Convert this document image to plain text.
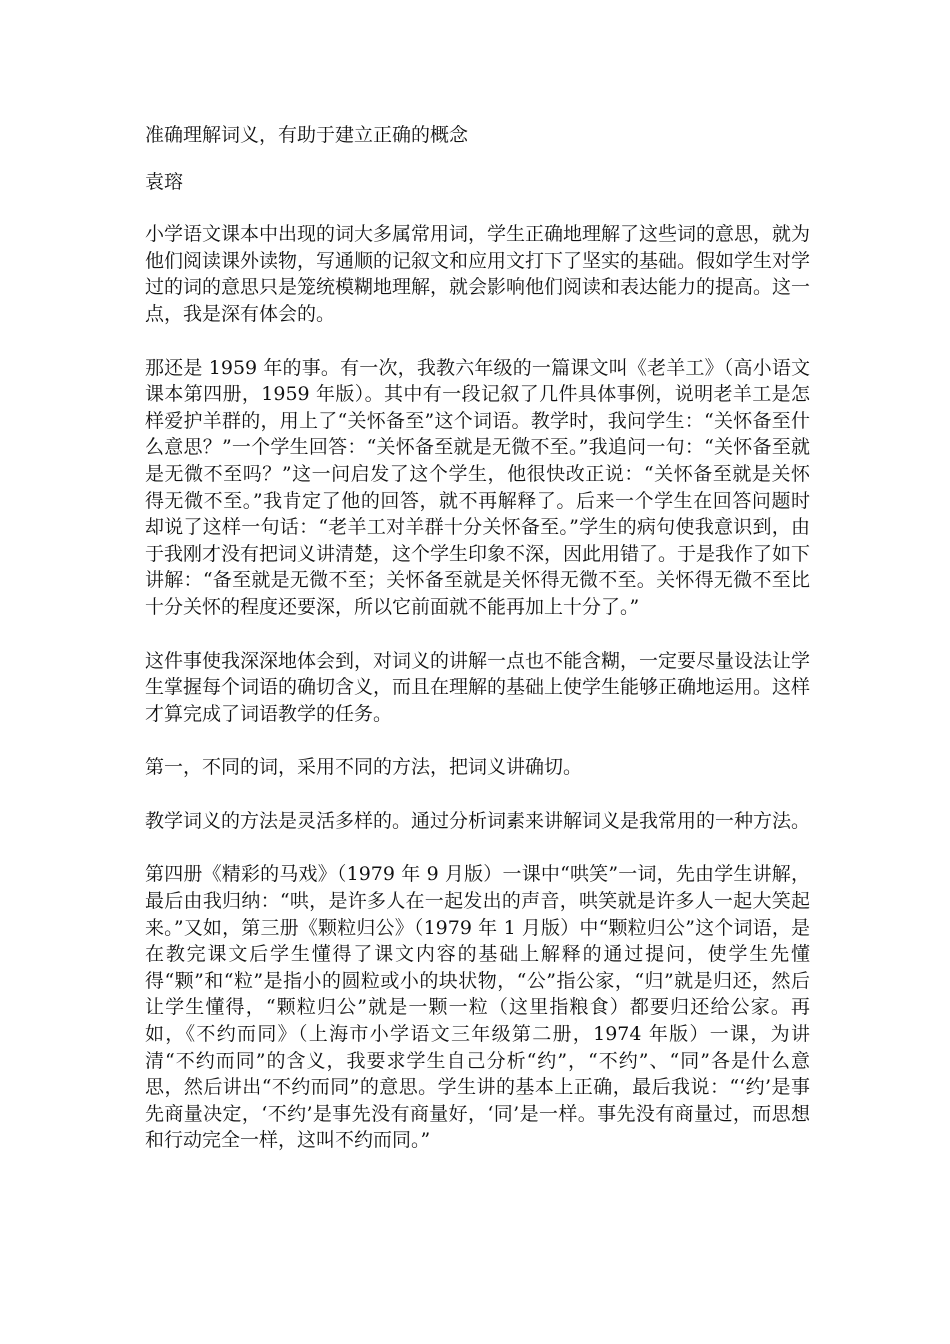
准确理解词义，有助于建立正确的概念
袁瑢

小学语文课本中出现的词大多属常用词，学生正确地理解了这些词的意思，就为他们阅读课外读物，写通顺的记叙文和应用文打下了坚实的基础。假如学生对学过的词的意思只是笼统模糊地理解，就会影响他们阅读和表达能力的提高。这一点，我是深有体会的。

那还是 1959 年的事。有一次，我教六年级的一篇课文叫《老羊工》（高小语文课本第四册，1959 年版）。其中有一段记叙了几件具体事例，说明老羊工是怎样爱护羊群的，用上了“关怀备至”这个词语。教学时，我问学生：“关怀备至什么意思？”一个学生回答：“关怀备至就是无微不至。”我追问一句：“关怀备至就是无微不至吗？”这一问启发了这个学生，他很快改正说：“关怀备至就是关怀得无微不至。”我肯定了他的回答，就不再解释了。后来一个学生在回答问题时却说了这样一句话：“老羊工对羊群十分关怀备至。”学生的病句使我意识到，由于我刚才没有把词义讲清楚，这个学生印象不深，因此用错了。于是我作了如下讲解：“备至就是无微不至；关怀备至就是关怀得无微不至。关怀得无微不至比十分关怀的程度还要深，所以它前面就不能再加上十分了。”

这件事使我深深地体会到，对词义的讲解一点也不能含糊，一定要尽量设法让学生掌握每个词语的确切含义，而且在理解的基础上使学生能够正确地运用。这样才算完成了词语教学的任务。

第一，不同的词，采用不同的方法，把词义讲确切。

教学词义的方法是灵活多样的。通过分析词素来讲解词义是我常用的一种方法。

第四册《精彩的马戏》（1979 年 9 月版）一课中“哄笑”一词，先由学生讲解，最后由我归纳：“哄，是许多人在一起发出的声音，哄笑就是许多人一起大笑起来。”又如，第三册《颗粒归公》（1979 年 1 月版）中“颗粒归公”这个词语，是在教完课文后学生懂得了课文内容的基础上解释的通过提问，使学生先懂得“颗”和“粒”是指小的圆粒或小的块状物，“公”指公家，“归”就是归还，然后让学生懂得，“颗粒归公”就是一颗一粒（这里指粮食）都要归还给公家。再如，《不约而同》（上海市小学语文三年级第二册，1974 年版）一课，为讲清“不约而同”的含义，我要求学生自己分析“约”，“不约”、“同”各是什么意思，然后讲出“不约而同”的意思。学生讲的基本上正确，最后我说：“‘约’是事先商量决定，‘不约’是事先没有商量好，‘同’是一样。事先没有商量过，而思想和行动完全一样，这叫不约而同。”
